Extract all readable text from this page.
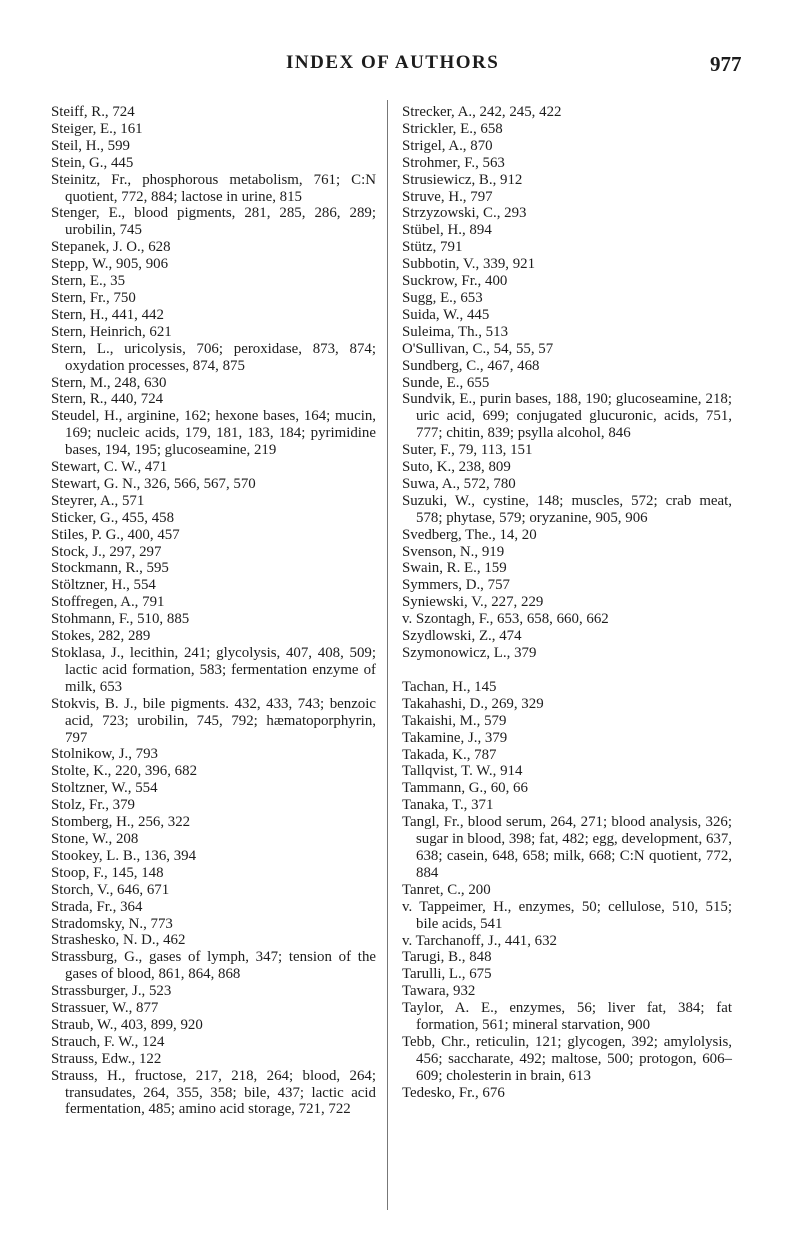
INDEX OF AUTHORS	977
Steiff, R., 724
Steiger, E., 161
Steil, H., 599
Stein, G., 445
Steinitz, Fr., phosphorous metabolism, 761; C:N quotient, 772, 884; lactose in urine, 815
Stenger, E., blood pigments, 281, 285, 286, 289; urobilin, 745
Stepanek, J. O., 628
Stepp, W., 905, 906
Stern, E., 35
Stern, Fr., 750
Stern, H., 441, 442
Stern, Heinrich, 621
Stern, L., uricolysis, 706; peroxidase, 873, 874; oxydation processes, 874, 875
Stern, M., 248, 630
Stern, R., 440, 724
Steudel, H., arginine, 162; hexone bases, 164; mucin, 169; nucleic acids, 179, 181, 183, 184; pyrimidine bases, 194, 195; glucoseamine, 219
Stewart, C. W., 471
Stewart, G. N., 326, 566, 567, 570
Steyrer, A., 571
Sticker, G., 455, 458
Stiles, P. G., 400, 457
Stock, J., 297, 297
Stockmann, R., 595
Stöltzner, H., 554
Stoffregen, A., 791
Stohmann, F., 510, 885
Stokes, 282, 289
Stoklasa, J., lecithin, 241; glycolysis, 407, 408, 509; lactic acid formation, 583; fermentation enzyme of milk, 653
Stokvis, B. J., bile pigments. 432, 433, 743; benzoic acid, 723; urobilin, 745, 792; hæmatoporphyrin, 797
Stolnikow, J., 793
Stolte, K., 220, 396, 682
Stoltzner, W., 554
Stolz, Fr., 379
Stomberg, H., 256, 322
Stone, W., 208
Stookey, L. B., 136, 394
Stoop, F., 145, 148
Storch, V., 646, 671
Strada, Fr., 364
Stradomsky, N., 773
Strashesko, N. D., 462
Strassburg, G., gases of lymph, 347; tension of the gases of blood, 861, 864, 868
Strassburger, J., 523
Strassuer, W., 877
Straub, W., 403, 899, 920
Strauch, F. W., 124
Strauss, Edw., 122
Strauss, H., fructose, 217, 218, 264; blood, 264; transudates, 264, 355, 358; bile, 437; lactic acid fermentation, 485; amino acid storage, 721, 722
Strecker, A., 242, 245, 422
Strickler, E., 658
Strigel, A., 870
Strohmer, F., 563
Strusiewicz, B., 912
Struve, H., 797
Strzyzowski, C., 293
Stübel, H., 894
Stütz, 791
Subbotin, V., 339, 921
Suckrow, Fr., 400
Sugg, E., 653
Suida, W., 445
Suleima, Th., 513
O'Sullivan, C., 54, 55, 57
Sundberg, C., 467, 468
Sunde, E., 655
Sundvik, E., purin bases, 188, 190; glucoseamine, 218; uric acid, 699; conjugated glucuronic, acids, 751, 777; chitin, 839; psylla alcohol, 846
Suter, F., 79, 113, 151
Suto, K., 238, 809
Suwa, A., 572, 780
Suzuki, W., cystine, 148; muscles, 572; crab meat, 578; phytase, 579; oryzanine, 905, 906
Svedberg, The., 14, 20
Svenson, N., 919
Swain, R. E., 159
Symmers, D., 757
Syniewski, V., 227, 229
v. Szontagh, F., 653, 658, 660, 662
Szydlowski, Z., 474
Szymonowicz, L., 379
Tachan, H., 145
Takahashi, D., 269, 329
Takaishi, M., 579
Takamine, J., 379
Takada, K., 787
Tallqvist, T. W., 914
Tammann, G., 60, 66
Tanaka, T., 371
Tangl, Fr., blood serum, 264, 271; blood analysis, 326; sugar in blood, 398; fat, 482; egg, development, 637, 638; casein, 648, 658; milk, 668; C:N quotient, 772, 884
Tanret, C., 200
v. Tappeimer, H., enzymes, 50; cellulose, 510, 515; bile acids, 541
v. Tarchanoff, J., 441, 632
Tarugi, B., 848
Tarulli, L., 675
Tawara, 932
Taylor, A. E., enzymes, 56; liver fat, 384; fat formation, 561; mineral starvation, 900
Tebb, Chr., reticulin, 121; glycogen, 392; amylolysis, 456; saccharate, 492; maltose, 500; protogon, 606–609; cholesterin in brain, 613
Tedesko, Fr., 676
